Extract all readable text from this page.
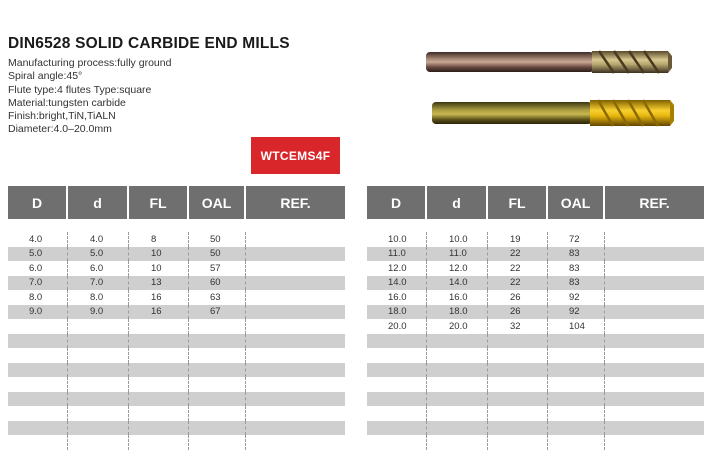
DIN6528 SOLID CARBIDE END MILLS
Manufacturing process:fully ground
Spiral angle:45°
Flute type:4 flutes Type:square
Material:tungsten carbide
Finish:bright,TiN,TiALN
Diameter:4.0–20.0mm
WTCEMS4F
D	d	FL	OAL	REF.
4.0	4.0	8	50
5.0	5.0	10	50
6.0	6.0	10	57
7.0	7.0	13	60
8.0	8.0	16	63
9.0	9.0	16	67
D	d	FL	OAL	REF.
10.0	10.0	19	72
11.0	11.0	22	83
12.0	12.0	22	83
14.0	14.0	22	83
16.0	16.0	26	92
18.0	18.0	26	92
20.0	20.0	32	104
